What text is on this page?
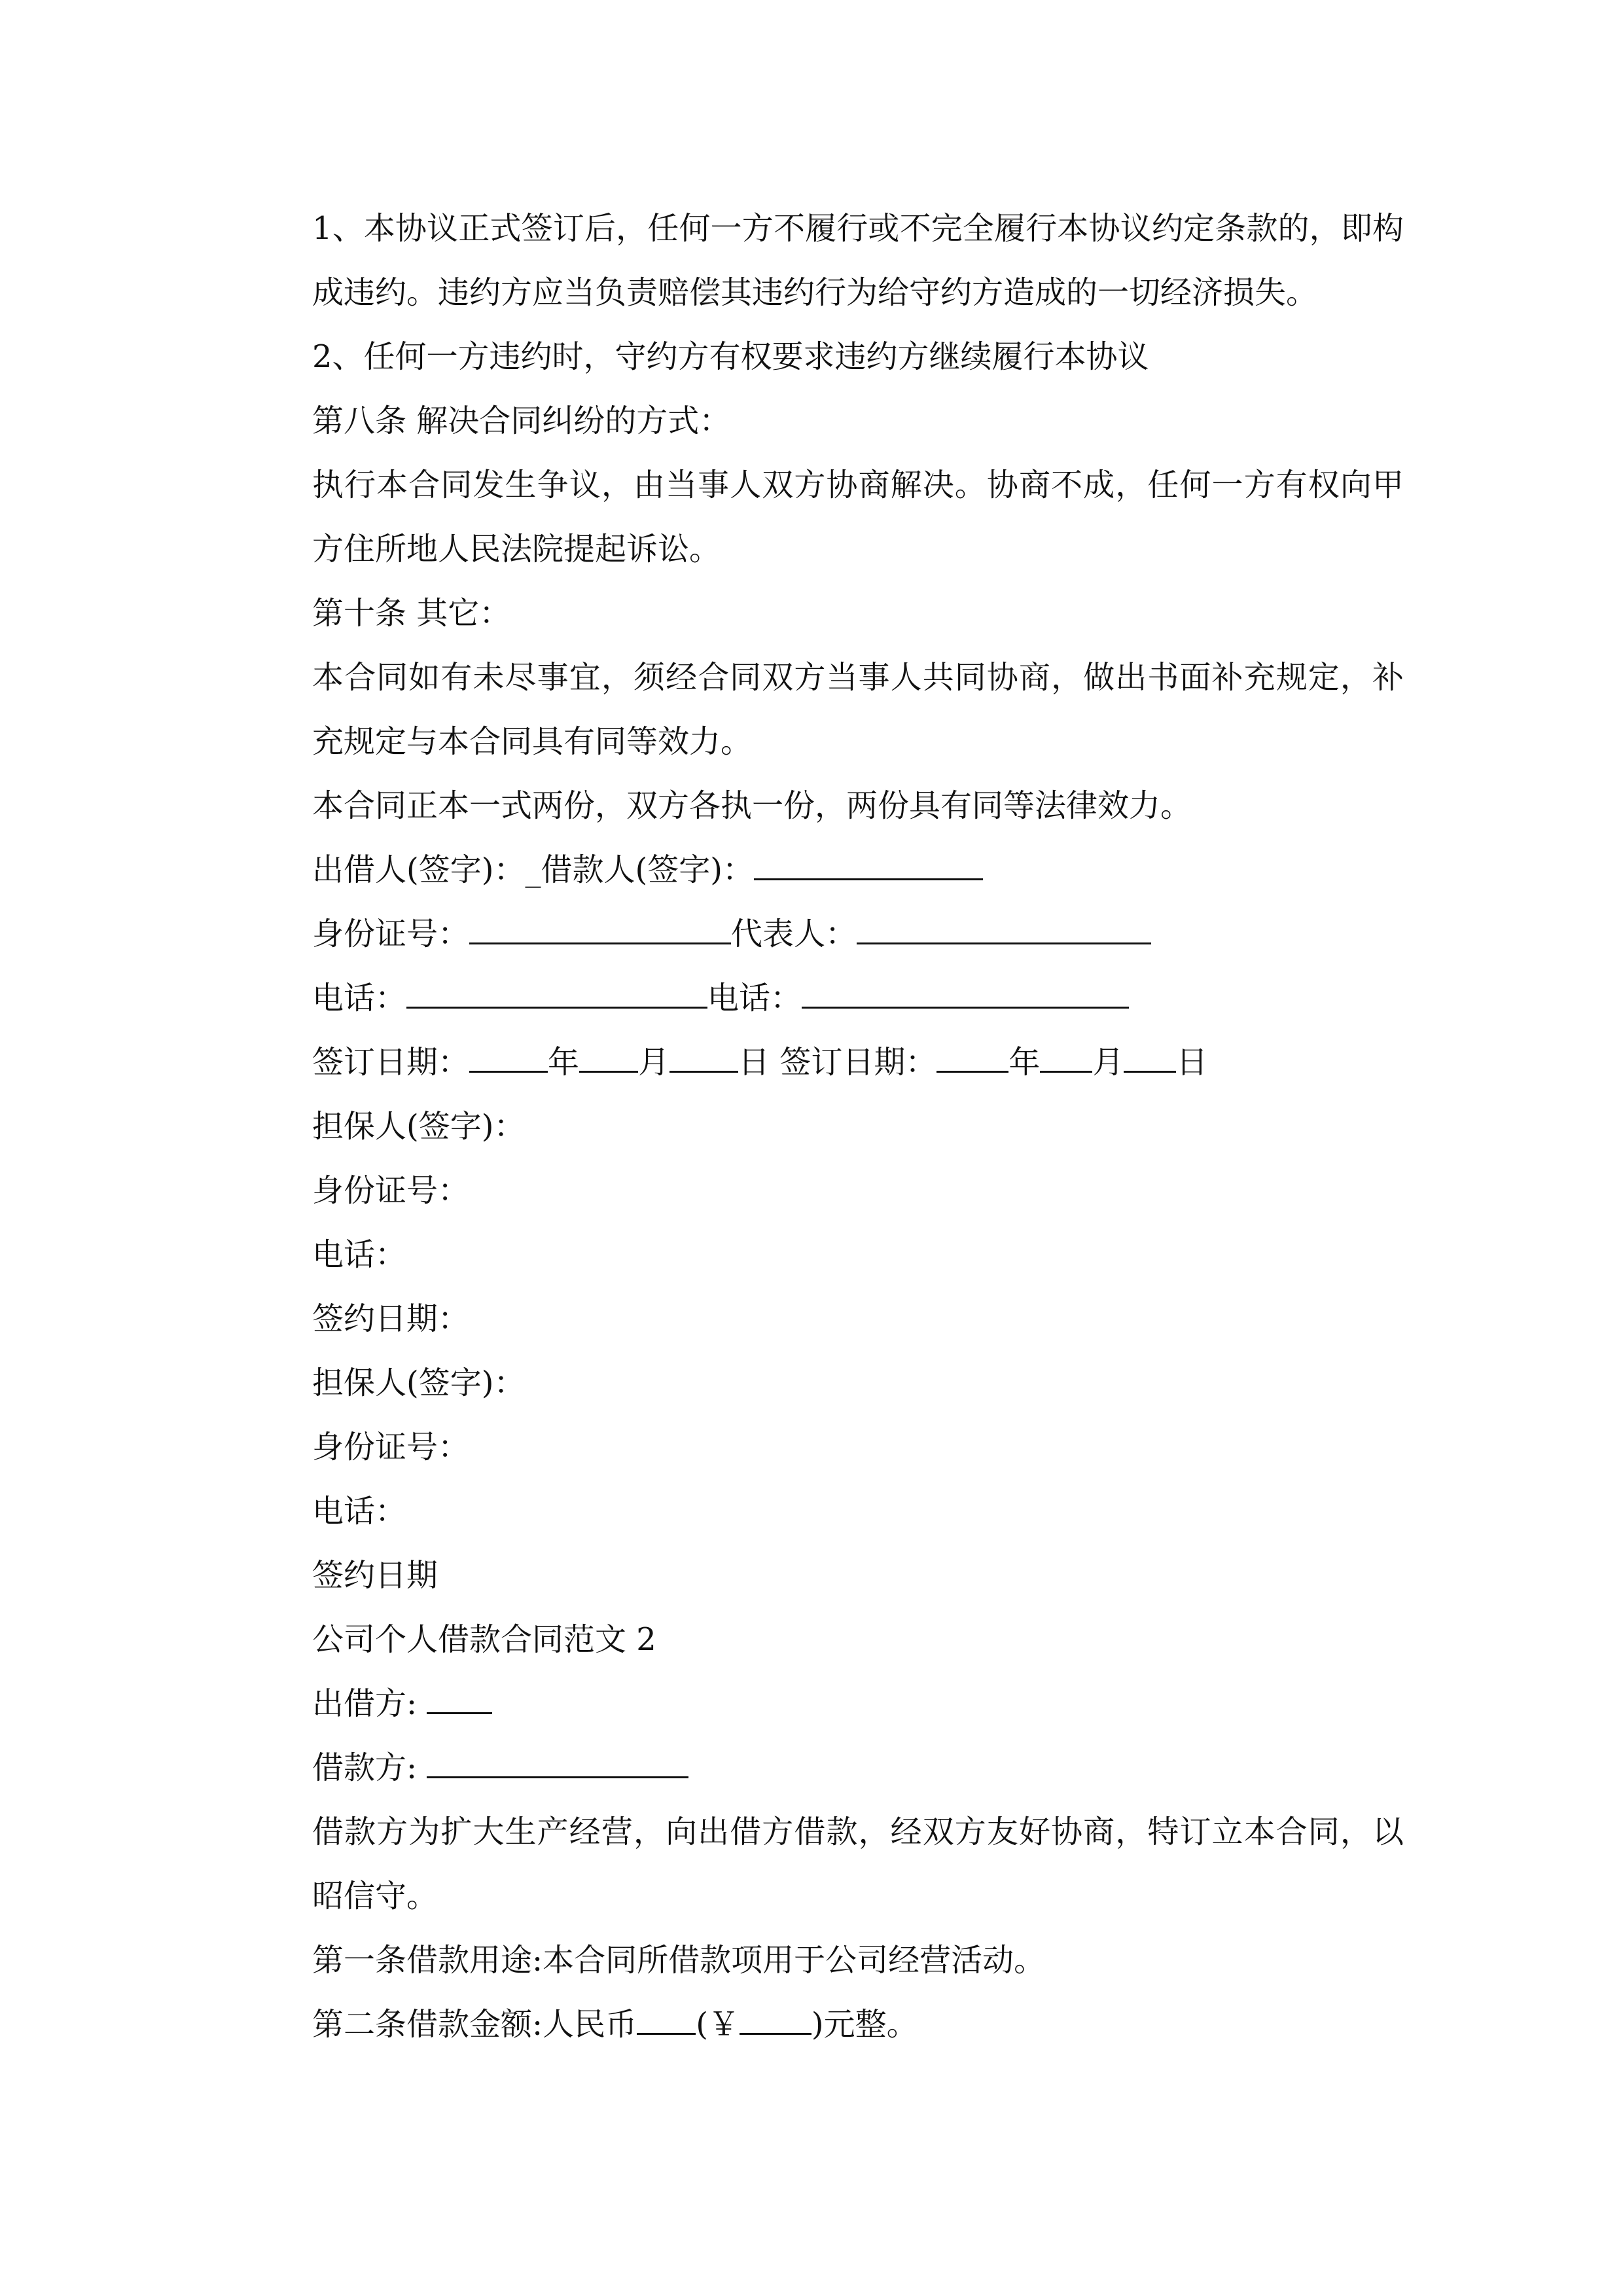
1、本协议正式签订后，任何一方不履行或不完全履行本协议约定条款的，即构成违约。违约方应当负责赔偿其违约行为给守约方造成的一切经济损失。

2、任何一方违约时，守约方有权要求违约方继续履行本协议

第八条 解决合同纠纷的方式：

执行本合同发生争议，由当事人双方协商解决。协商不成，任何一方有权向甲方住所地人民法院提起诉讼。

第十条 其它：

本合同如有未尽事宜，须经合同双方当事人共同协商，做出书面补充规定，补充规定与本合同具有同等效力。

本合同正本一式两份，双方各执一份，两份具有同等法律效力。

出借人(签字)：_借款人(签字)：

身份证号：	代表人：

电话：	电话：

签订日期：	年 月 日 签订日期： 年 月 日

担保人(签字)：

身份证号：

电话：

签约日期：

担保人(签字)：

身份证号：

电话：

签约日期

公司个人借款合同范文 2

出借方:

借款方:

借款方为扩大生产经营，向出借方借款，经双方友好协商，特订立本合同，以昭信守。

第一条借款用途:本合同所借款项用于公司经营活动。

第二条借款金额:人民币 (￥ )元整。
